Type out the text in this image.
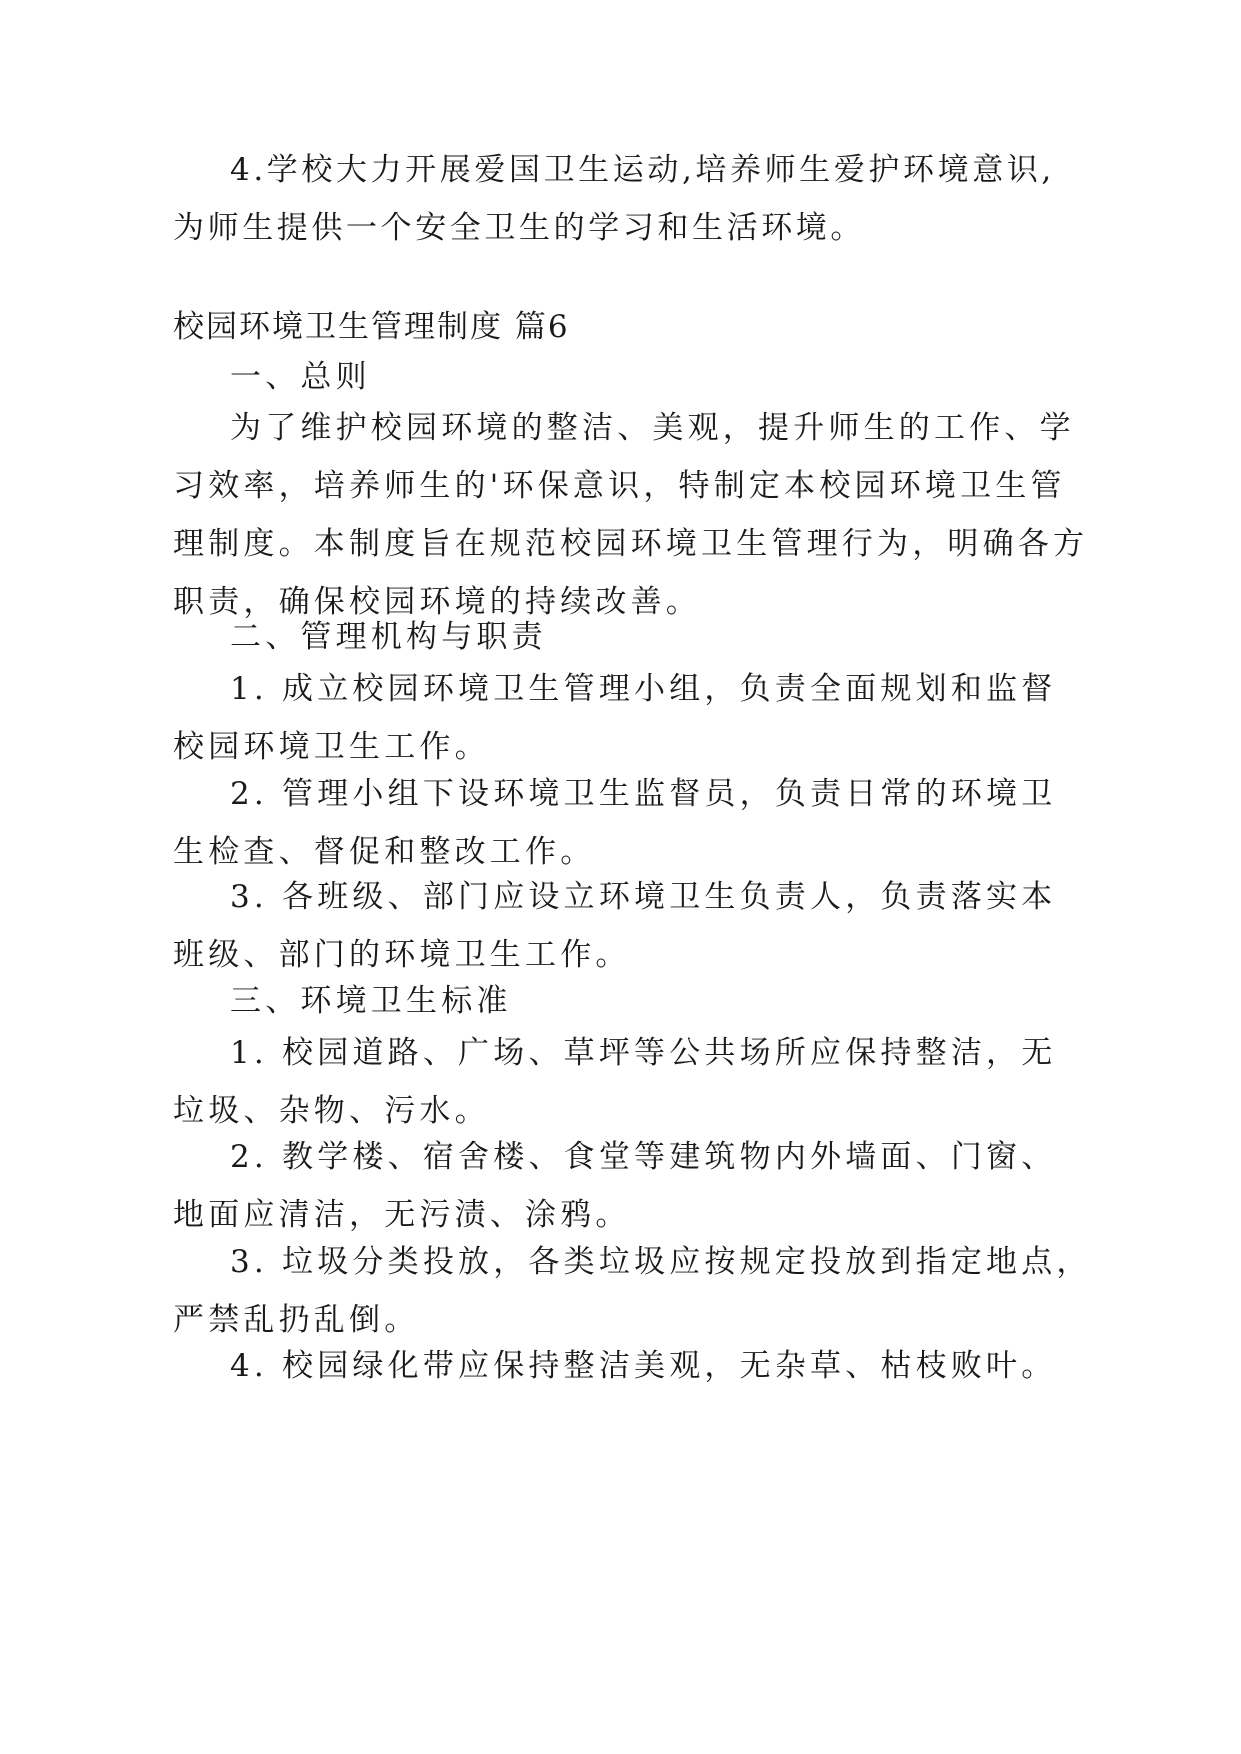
4.学校大力开展爱国卫生运动,培养师生爱护环境意识,
为师生提供一个安全卫生的学习和生活环境。

校园环境卫生管理制度 篇6

一、总则

为了维护校园环境的整洁、美观，提升师生的工作、学
习效率，培养师生的'环保意识，特制定本校园环境卫生管
理制度。本制度旨在规范校园环境卫生管理行为，明确各方
职责，确保校园环境的持续改善。

二、管理机构与职责

1. 成立校园环境卫生管理小组，负责全面规划和监督
校园环境卫生工作。

2. 管理小组下设环境卫生监督员，负责日常的环境卫
生检查、督促和整改工作。

3. 各班级、部门应设立环境卫生负责人，负责落实本
班级、部门的环境卫生工作。

三、环境卫生标准

1. 校园道路、广场、草坪等公共场所应保持整洁，无
垃圾、杂物、污水。

2. 教学楼、宿舍楼、食堂等建筑物内外墙面、门窗、
地面应清洁，无污渍、涂鸦。

3. 垃圾分类投放，各类垃圾应按规定投放到指定地点，
严禁乱扔乱倒。

4. 校园绿化带应保持整洁美观，无杂草、枯枝败叶。
